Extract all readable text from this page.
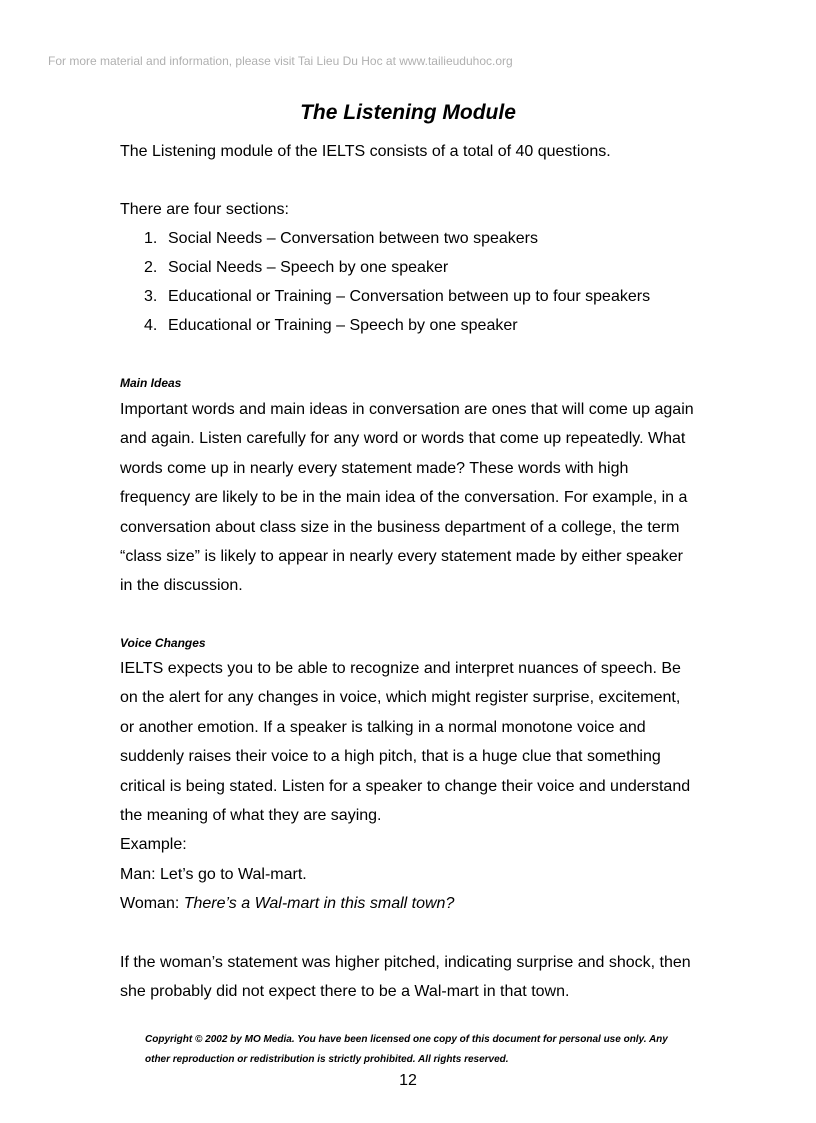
For more material and information, please visit Tai Lieu Du Hoc at www.tailieuduhoc.org
The Listening Module
The Listening module of the IELTS consists of a total of 40 questions.
There are four sections:
1. Social Needs – Conversation between two speakers
2. Social Needs – Speech by one speaker
3. Educational or Training – Conversation between up to four speakers
4. Educational or Training – Speech by one speaker
Main Ideas

Important words and main ideas in conversation are ones that will come up again
and again. Listen carefully for any word or words that come up repeatedly. What
words come up in nearly every statement made? These words with high
frequency are likely to be in the main idea of the conversation. For example, in a
conversation about class size in the business department of a college, the term
“class size” is likely to appear in nearly every statement made by either speaker
in the discussion.

Voice Changes

IELTS expects you to be able to recognize and interpret nuances of speech. Be
on the alert for any changes in voice, which might register surprise, excitement,
or another emotion. If a speaker is talking in a normal monotone voice and
suddenly raises their voice to a high pitch, that is a huge clue that something
critical is being stated. Listen for a speaker to change their voice and understand
the meaning of what they are saying.
Example:
Man: Let’s go to Wal-mart.
Woman: There’s a Wal-mart in this small town?

If the woman’s statement was higher pitched, indicating surprise and shock, then
she probably did not expect there to be a Wal-mart in that town.

Copyright © 2002 by MO Media. You have been licensed one copy of this document for personal use only. Any
other reproduction or redistribution is strictly prohibited. All rights reserved.
12
